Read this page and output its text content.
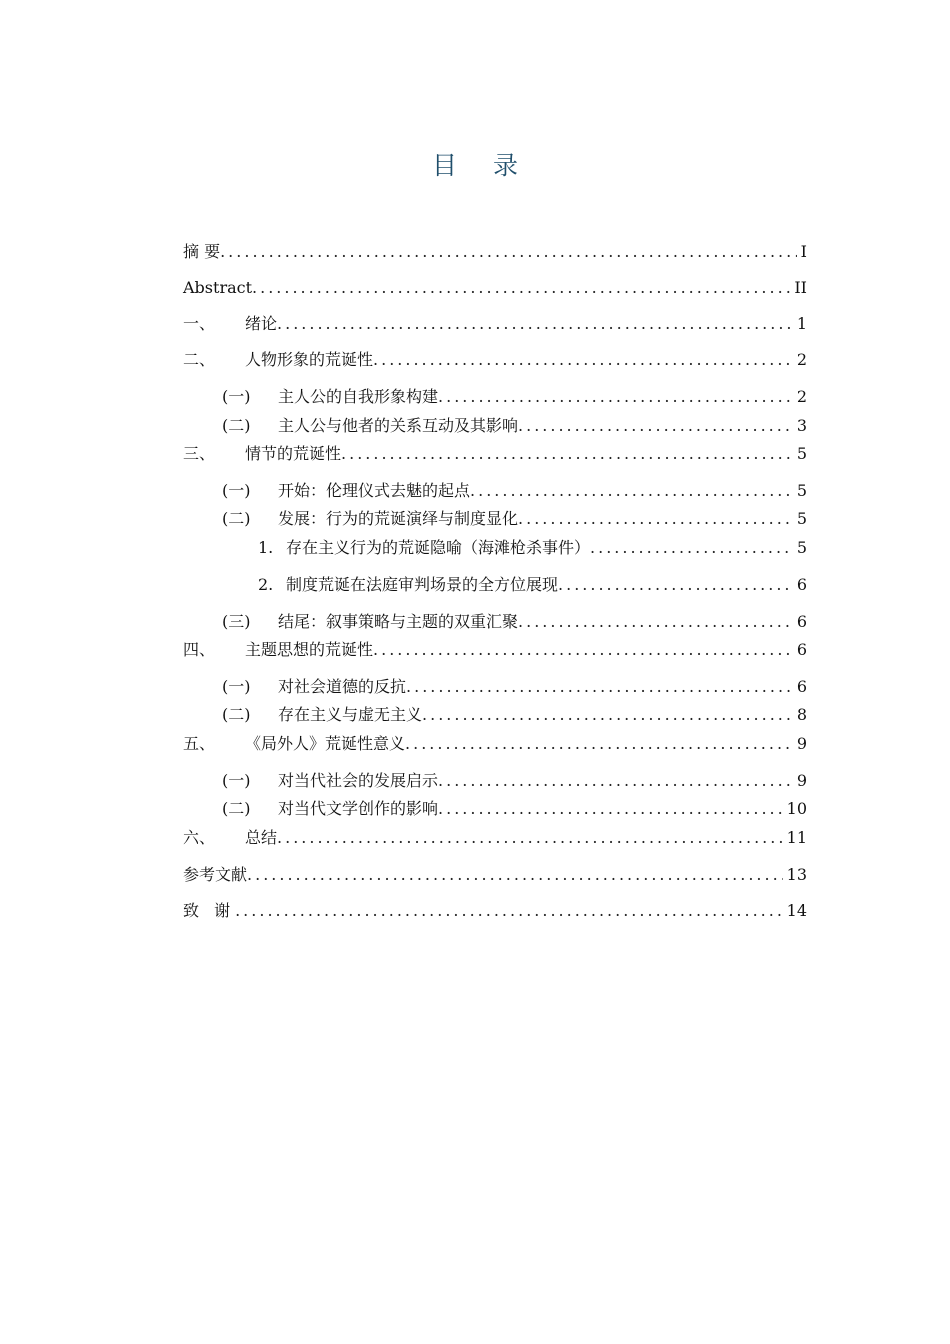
目 录
摘 要 .....	I
Abstract .....	II
一、	绪论 .....	1
二、	人物形象的荒诞性 .....	2
(一)	主人公的自我形象构建 .....	2
(二)	主人公与他者的关系互动及其影响 .....	3
三、	情节的荒诞性 .....	5
(一)	开始：伦理仪式去魅的起点 .....	5
(二)	发展：行为的荒诞演绎与制度显化 .....	5
1. 存在主义行为的荒诞隐喻（海滩枪杀事件） .....	5
2. 制度荒诞在法庭审判场景的全方位展现 .....	6
(三)	结尾：叙事策略与主题的双重汇聚 .....	6
四、	主题思想的荒诞性 .....	6
(一)	对社会道德的反抗 .....	6
(二)	存在主义与虚无主义 .....	8
五、	《局外人》荒诞性意义 .....	9
(一)	对当代社会的发展启示 .....	9
(二)	对当代文学创作的影响 .....	10
六、	总结 .....	11
参考文献 .....	13
致 谢 .....	14
